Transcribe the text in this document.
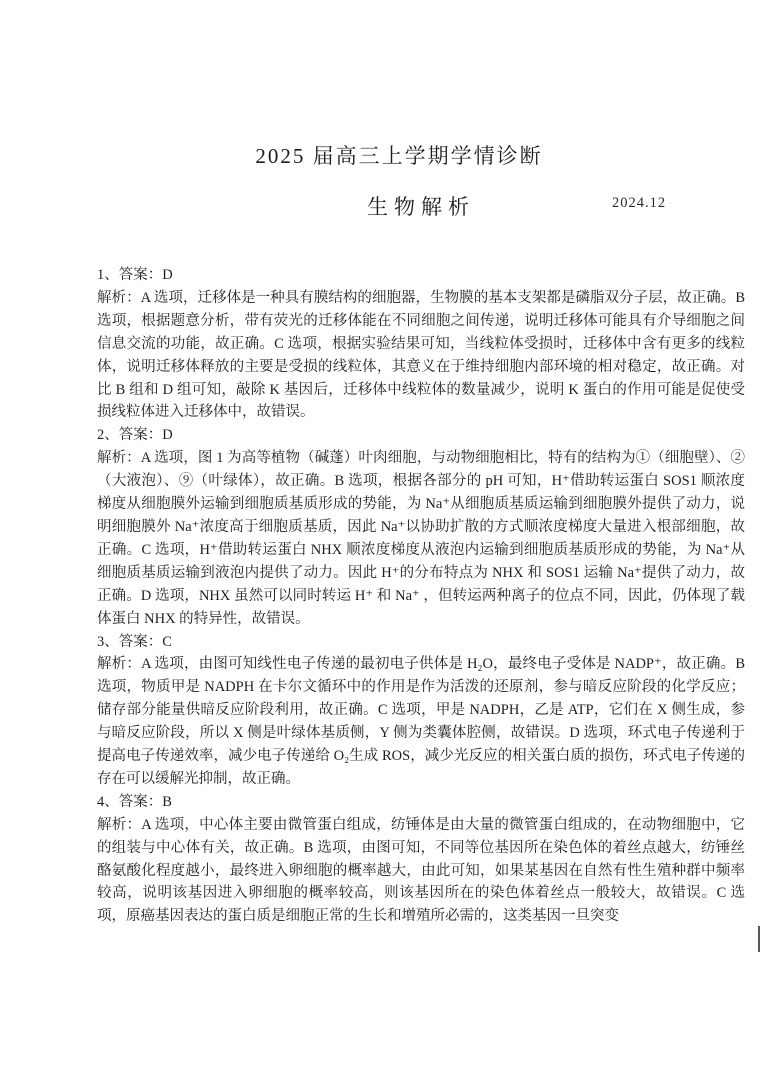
2025 届高三上学期学情诊断
生物解析	2024.12
1、答案：D

解析：A 选项，迁移体是一种具有膜结构的细胞器，生物膜的基本支架都是磷脂双分子层，故正确。B 选项，根据题意分析，带有荧光的迁移体能在不同细胞之间传递，说明迁移体可能具有介导细胞之间信息交流的功能，故正确。C 选项，根据实验结果可知，当线粒体受损时，迁移体中含有更多的线粒体，说明迁移体释放的主要是受损的线粒体，其意义在于维持细胞内部环境的相对稳定，故正确。对比 B 组和 D 组可知，敲除 K 基因后，迁移体中线粒体的数量减少，说明 K 蛋白的作用可能是促使受损线粒体进入迁移体中，故错误。

2、答案：D

解析：A 选项，图 1 为高等植物（碱蓬）叶肉细胞，与动物细胞相比，特有的结构为①（细胞壁）、②（大液泡）、⑨（叶绿体），故正确。B 选项，根据各部分的 pH 可知，H⁺借助转运蛋白 SOS1 顺浓度梯度从细胞膜外运输到细胞质基质形成的势能，为 Na⁺从细胞质基质运输到细胞膜外提供了动力，说明细胞膜外 Na⁺浓度高于细胞质基质，因此 Na⁺以协助扩散的方式顺浓度梯度大量进入根部细胞，故正确。C 选项，H⁺借助转运蛋白 NHX 顺浓度梯度从液泡内运输到细胞质基质形成的势能，为 Na⁺从细胞质基质运输到液泡内提供了动力。因此 H⁺的分布特点为 NHX 和 SOS1 运输 Na⁺提供了动力，故正确。D 选项，NHX 虽然可以同时转运 H⁺ 和 Na⁺ ，但转运两种离子的位点不同，因此，仍体现了载体蛋白 NHX 的特异性，故错误。

3、答案：C

解析：A 选项，由图可知线性电子传递的最初电子供体是 H₂O，最终电子受体是 NADP⁺，故正确。B 选项，物质甲是 NADPH 在卡尔文循环中的作用是作为活泼的还原剂，参与暗反应阶段的化学反应；储存部分能量供暗反应阶段利用，故正确。C 选项，甲是 NADPH，乙是 ATP，它们在 X 侧生成，参与暗反应阶段，所以 X 侧是叶绿体基质侧，Y 侧为类囊体腔侧，故错误。D 选项，环式电子传递利于提高电子传递效率，减少电子传递给 O₂生成 ROS，减少光反应的相关蛋白质的损伤，环式电子传递的存在可以缓解光抑制，故正确。

4、答案：B

解析：A 选项，中心体主要由微管蛋白组成，纺锤体是由大量的微管蛋白组成的，在动物细胞中，它的组装与中心体有关，故正确。B 选项，由图可知，不同等位基因所在染色体的着丝点越大，纺锤丝酪氨酸化程度越小，最终进入卵细胞的概率越大，由此可知，如果某基因在自然有性生殖种群中频率较高，说明该基因进入卵细胞的概率较高，则该基因所在的染色体着丝点一般较大，故错误。C 选项，原癌基因表达的蛋白质是细胞正常的生长和增殖所必需的，这类基因一旦突变
